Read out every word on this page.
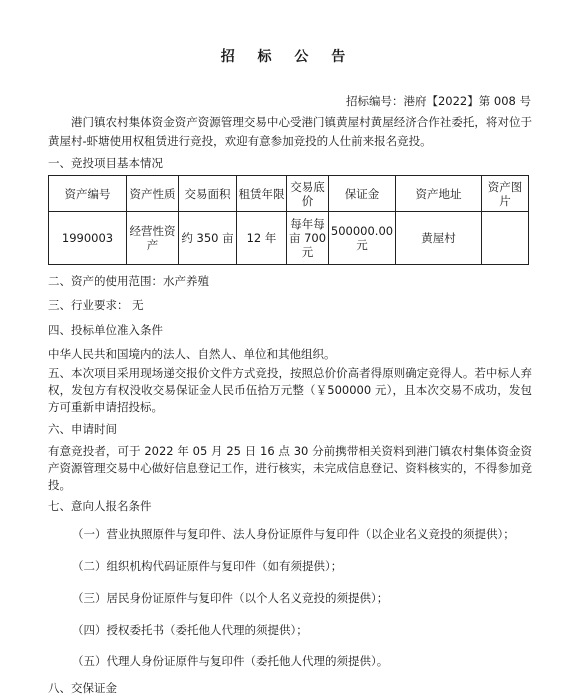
招 标 公 告
招标编号：港府【2022】第 008 号
港门镇农村集体资金资产资源管理交易中心受港门镇黄屋村黄屋经济合作社委托，将对位于黄屋村-虾塘使用权租赁进行竞投，欢迎有意参加竞投的人仕前来报名竞投。
一、竞投项目基本情况
资产编号	资产性质	交易面积	租赁年限	交易底价	保证金	资产地址	资产图片
1990003	经营性资产	约 350 亩	12 年	每年每亩 700 元	500000.00 元	黄屋村	
二、资产的使用范围：水产养殖
三、行业要求： 无
四、投标单位准入条件
中华人民共和国境内的法人、自然人、单位和其他组织。
五、本次项目采用现场递交报价文件方式竞投，按照总价价高者得原则确定竞得人。若中标人弃权，发包方有权没收交易保证金人民币伍拾万元整（￥500000 元），且本次交易不成功，发包方可重新申请招投标。
六、申请时间
有意竞投者，可于 2022 年 05 月 25 日 16 点 30 分前携带相关资料到港门镇农村集体资金资产资源管理交易中心做好信息登记工作，进行核实，未完成信息登记、资料核实的，不得参加竞投。
七、意向人报名条件
（一）营业执照原件与复印件、法人身份证原件与复印件（以企业名义竞投的须提供）；
（二）组织机构代码证原件与复印件（如有须提供）；
（三）居民身份证原件与复印件（以个人名义竞投的须提供）；
（四）授权委托书（委托他人代理的须提供）；
（五）代理人身份证原件与复印件（委托他人代理的须提供）。
八、交保证金
